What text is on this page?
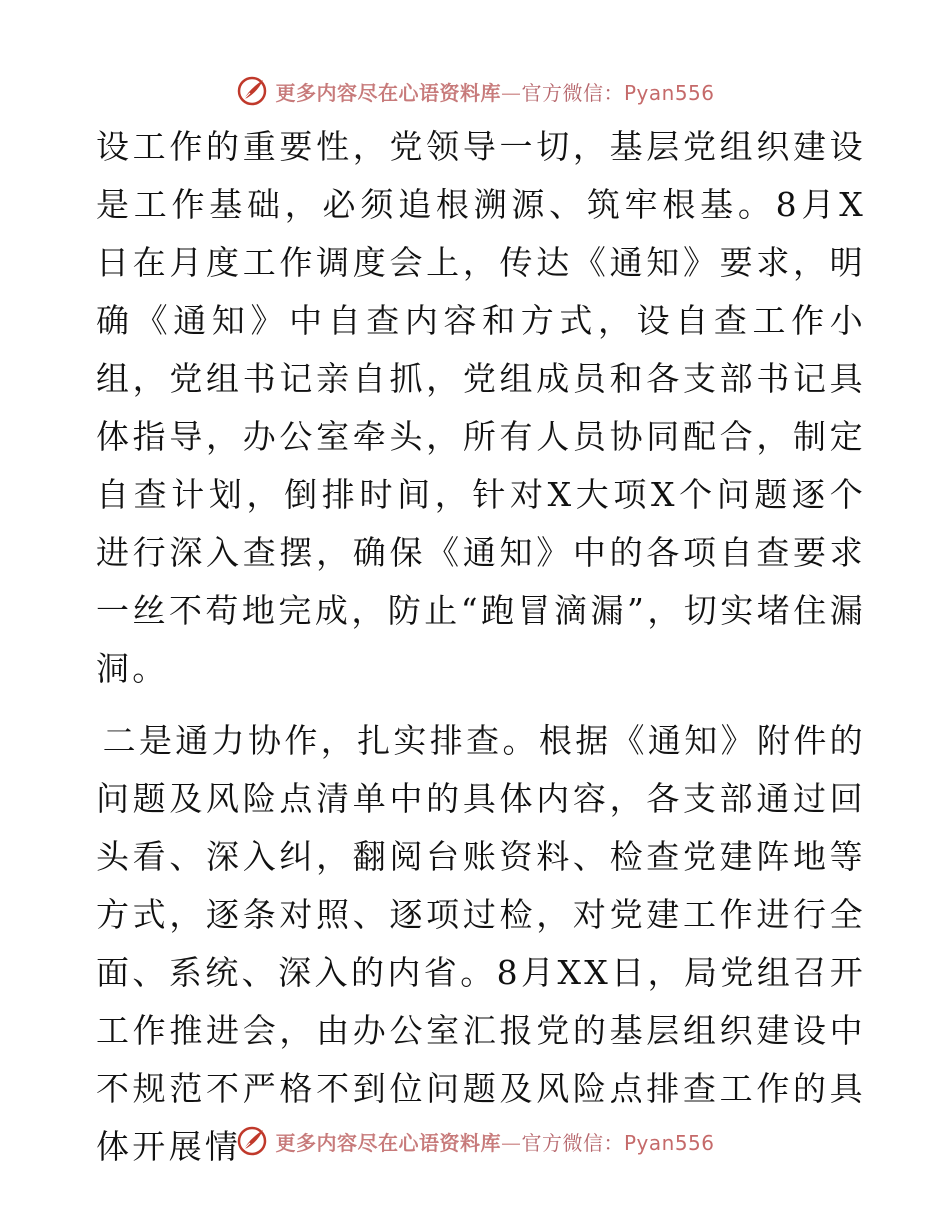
更多内容尽在心语资料库—官方微信：Pyan556

设工作的重要性，党领导一切，基层党组织建设是工作基础，必须追根溯源、筑牢根基。8月X日在月度工作调度会上，传达《通知》要求，明确《通知》中自查内容和方式，设自查工作小组，党组书记亲自抓，党组成员和各支部书记具体指导，办公室牵头，所有人员协同配合，制定自查计划，倒排时间，针对X大项X个问题逐个进行深入查摆，确保《通知》中的各项自查要求一丝不苟地完成，防止“跑冒滴漏”，切实堵住漏洞。

二是通力协作，扎实排查。根据《通知》附件的问题及风险点清单中的具体内容，各支部通过回头看、深入纠，翻阅台账资料、检查党建阵地等方式，逐条对照、逐项过检，对党建工作进行全面、系统、深入的内省。8月XX日，局党组召开工作推进会，由办公室汇报党的基层组织建设中不规范不严格不到位问题及风险点排查工作的具体开展情	更多内容尽在心语资料库—官方微信：Pyan556
